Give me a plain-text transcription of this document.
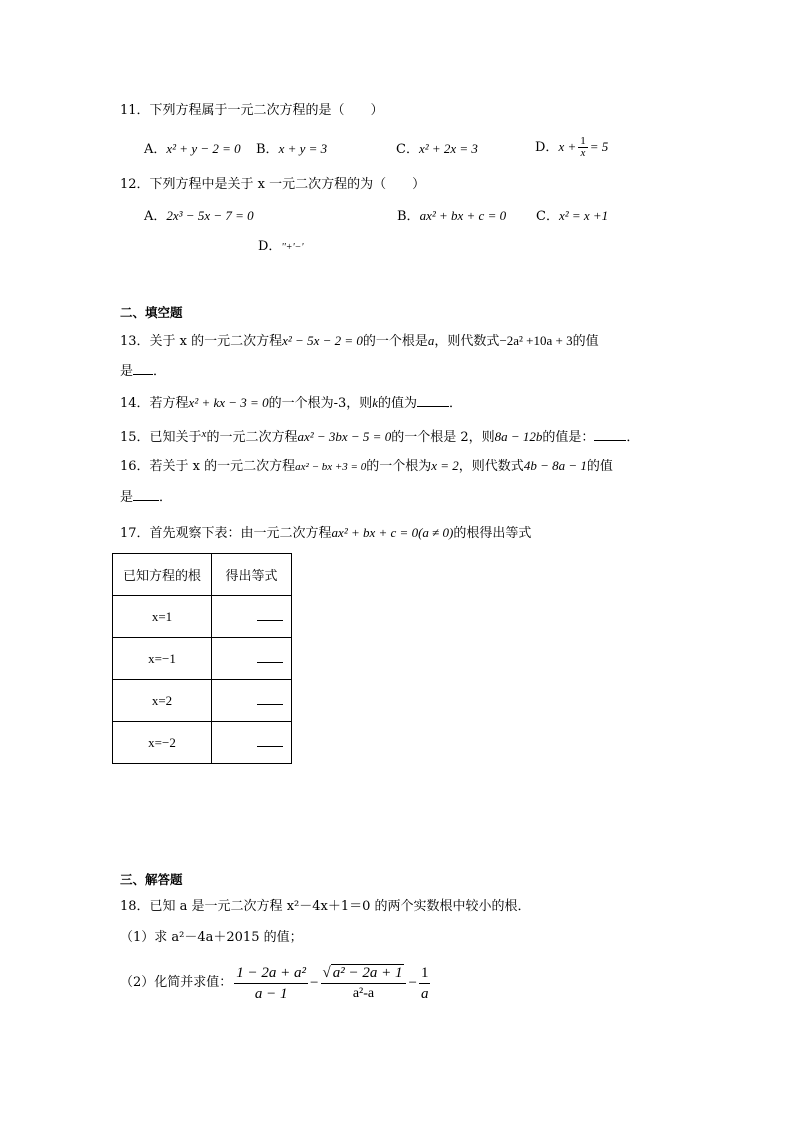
11．下列方程属于一元二次方程的是（　　）
A．x² + y − 2 = 0 B．x + y = 3	C．x² + 2x = 3	D．$x + \frac{1}{x} = 5$
12．下列方程中是关于 x 一元二次方程的为（　　）
A．2x³ − 5x − 7 = 0	B．ax² + bx + c = 0 C．x² = x +1
D．ʹʹ+ʹ−ʹ
二、填空题
13．关于 x 的一元二次方程x² − 5x − 2 = 0的一个根是a，则代数式−2a² +10a + 3的值
是 ．
14．若方程x² + kx − 3 = 0的一个根为-3，则k的值为 ．
15．已知关于$^x$的一元二次方程ax² − 3bx − 5 = 0的一个根是 2，则8a − 12b的值是： ．
16．若关于 x 的一元二次方程ax² − bx +3 = 0的一个根为x = 2，则代数式4b − 8a − 1的值
是 ．
17．首先观察下表：由一元二次方程ax² + bx + c = 0(a ≠ 0)的根得出等式
已知方程的根	得出等式
x=1	
x=−1	
x=2	
x=−2	
三、解答题
18．已知 a 是一元二次方程 x²－4x＋1＝0 的两个实数根中较小的根．
（1）求 a²－4a＋2015 的值；
（2）化简并求值： $\frac{\text{1 − 2a + a²}}{a - 1} - \frac{\text{√ a² − 2a + 1}}{\text{a²-a}} - \frac{1}{a}$
